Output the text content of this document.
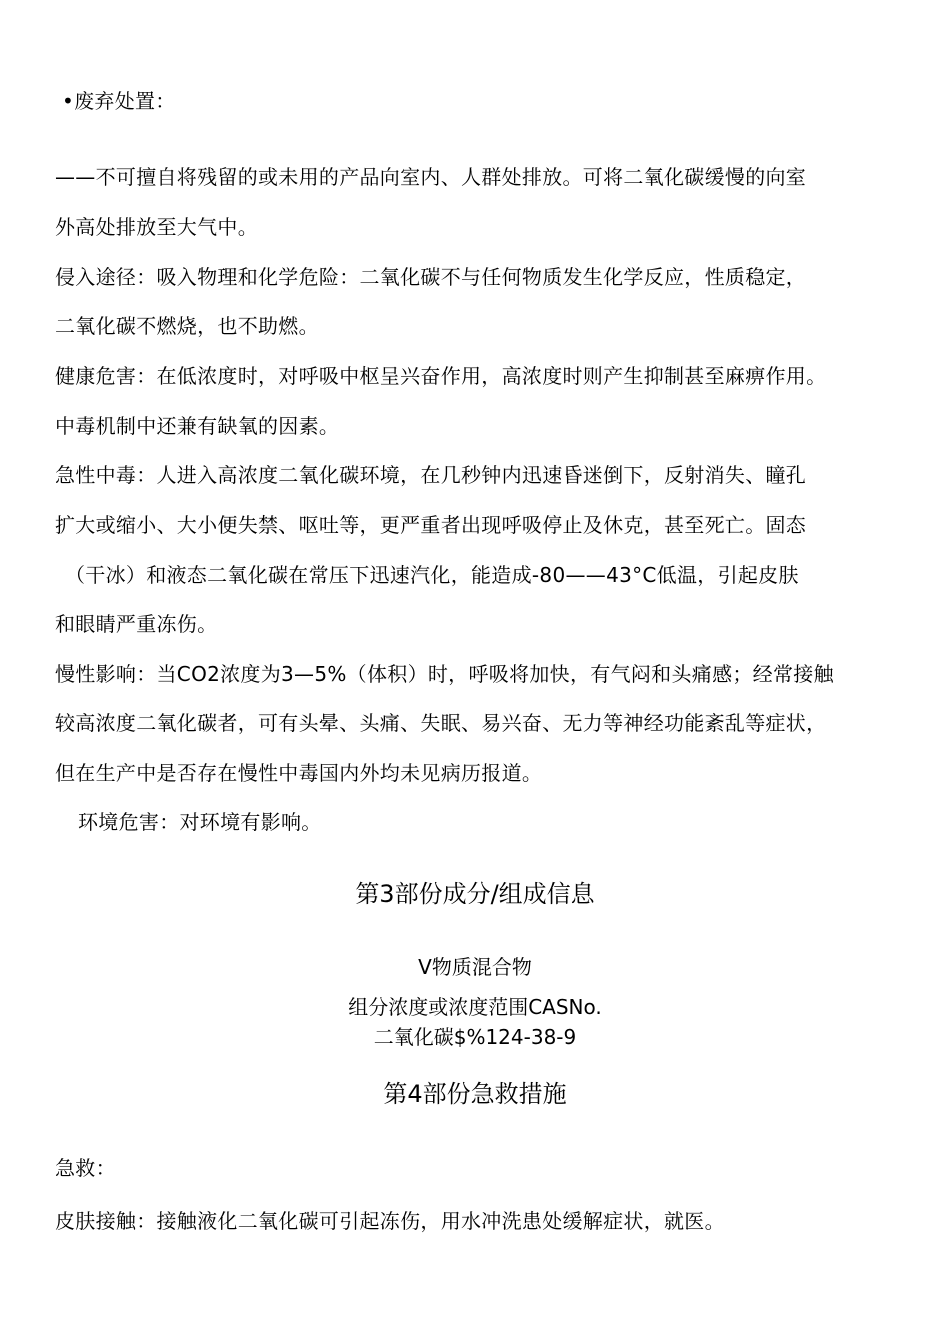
•废弃处置：
——不可擅自将残留的或未用的产品向室内、人群处排放。可将二氧化碳缓慢的向室
外高处排放至大气中。
侵入途径：吸入物理和化学危险：二氧化碳不与任何物质发生化学反应，性质稳定，
二氧化碳不燃烧，也不助燃。
健康危害：在低浓度时，对呼吸中枢呈兴奋作用，高浓度时则产生抑制甚至麻痹作用。
中毒机制中还兼有缺氧的因素。
急性中毒：人进入高浓度二氧化碳环境，在几秒钟内迅速昏迷倒下，反射消失、瞳孔
扩大或缩小、大小便失禁、呕吐等，更严重者出现呼吸停止及休克，甚至死亡。固态
（干冰）和液态二氧化碳在常压下迅速汽化，能造成-80——43°C低温，引起皮肤
和眼睛严重冻伤。
慢性影响：当CO2浓度为3—5%（体积）时，呼吸将加快，有气闷和头痛感；经常接触
较高浓度二氧化碳者，可有头晕、头痛、失眠、易兴奋、无力等神经功能紊乱等症状，
但在生产中是否存在慢性中毒国内外均未见病历报道。
环境危害：对环境有影响。
第3部份成分/组成信息
V物质混合物
组分浓度或浓度范围CASNo.
二氧化碳$%124-38-9
第4部份急救措施
急救：
皮肤接触：接触液化二氧化碳可引起冻伤，用水冲洗患处缓解症状，就医。
